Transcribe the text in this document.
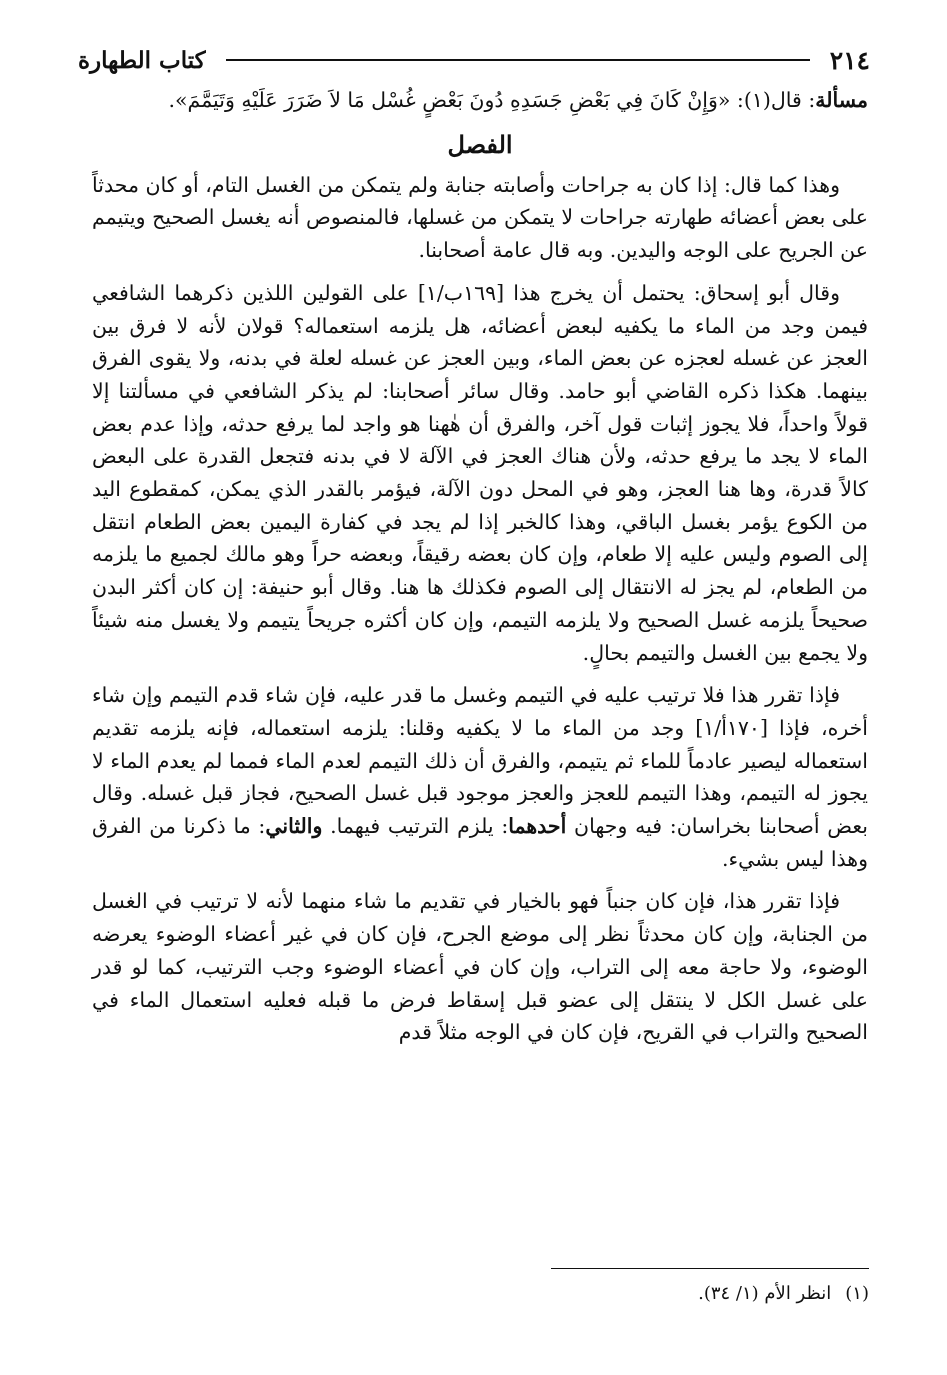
٢١٤
كتاب الطهارة

مسألة: قال(١): «وَإِنْ كَانَ فِي بَعْضِ جَسَدِهِ دُونَ بَعْضٍ غُسْل مَا لاَ ضَرَرَ عَلَيْهِ وَتَيَمَّمَ».

الفصل

وهذا كما قال: إذا كان به جراحات وأصابته جنابة ولم يتمكن من الغسل التام، أو كان محدثاً على بعض أعضائه طهارته جراحات لا يتمكن من غسلها، فالمنصوص أنه يغسل الصحيح ويتيمم عن الجريح على الوجه واليدين. وبه قال عامة أصحابنا.

وقال أبو إسحاق: يحتمل أن يخرج هذا [١٦٩ب/١] على القولين اللذين ذكرهما الشافعي فيمن وجد من الماء ما يكفيه لبعض أعضائه، هل يلزمه استعماله؟ قولان لأنه لا فرق بين العجز عن غسله لعجزه عن بعض الماء، وبين العجز عن غسله لعلة في بدنه، ولا يقوى الفرق بينهما. هكذا ذكره القاضي أبو حامد. وقال سائر أصحابنا: لم يذكر الشافعي في مسألتنا إلا قولاً واحداً، فلا يجوز إثبات قول آخر، والفرق أن هٰهنا هو واجد لما يرفع حدثه، وإذا عدم بعض الماء لا يجد ما يرفع حدثه، ولأن هناك العجز في الآلة لا في بدنه فتجعل القدرة على البعض كالاً قدرة، وها هنا العجز، وهو في المحل دون الآلة، فيؤمر بالقدر الذي يمكن، كمقطوع اليد من الكوع يؤمر بغسل الباقي، وهذا كالخبر إذا لم يجد في كفارة اليمين بعض الطعام انتقل إلى الصوم وليس عليه إلا طعام، وإن كان بعضه رقيقاً، وبعضه حراً وهو مالك لجميع ما يلزمه من الطعام، لم يجز له الانتقال إلى الصوم فكذلك ها هنا. وقال أبو حنيفة: إن كان أكثر البدن صحيحاً يلزمه غسل الصحيح ولا يلزمه التيمم، وإن كان أكثره جريحاً يتيمم ولا يغسل منه شيئاً ولا يجمع بين الغسل والتيمم بحالٍ.

فإذا تقرر هذا فلا ترتيب عليه في التيمم وغسل ما قدر عليه، فإن شاء قدم التيمم وإن شاء أخره، فإذا [١٧٠أ/١] وجد من الماء ما لا يكفيه وقلنا: يلزمه استعماله، فإنه يلزمه تقديم استعماله ليصير عادماً للماء ثم يتيمم، والفرق أن ذلك التيمم لعدم الماء فمما لم يعدم الماء لا يجوز له التيمم، وهذا التيمم للعجز والعجز موجود قبل غسل الصحيح، فجاز قبل غسله. وقال بعض أصحابنا بخراسان: فيه وجهان أحدهما: يلزم الترتيب فيهما. والثاني: ما ذكرنا من الفرق وهذا ليس بشيء.

فإذا تقرر هذا، فإن كان جنباً فهو بالخيار في تقديم ما شاء منهما لأنه لا ترتيب في الغسل من الجنابة، وإن كان محدثاً نظر إلى موضع الجرح، فإن كان في غير أعضاء الوضوء يعرضه الوضوء، ولا حاجة معه إلى التراب، وإن كان في أعضاء الوضوء وجب الترتيب، كما لو قدر على غسل الكل لا ينتقل إلى عضو قبل إسقاط فرض ما قبله فعليه استعمال الماء في الصحيح والتراب في القريح، فإن كان في الوجه مثلاً قدم

(١)انظر الأم (١/ ٣٤).
